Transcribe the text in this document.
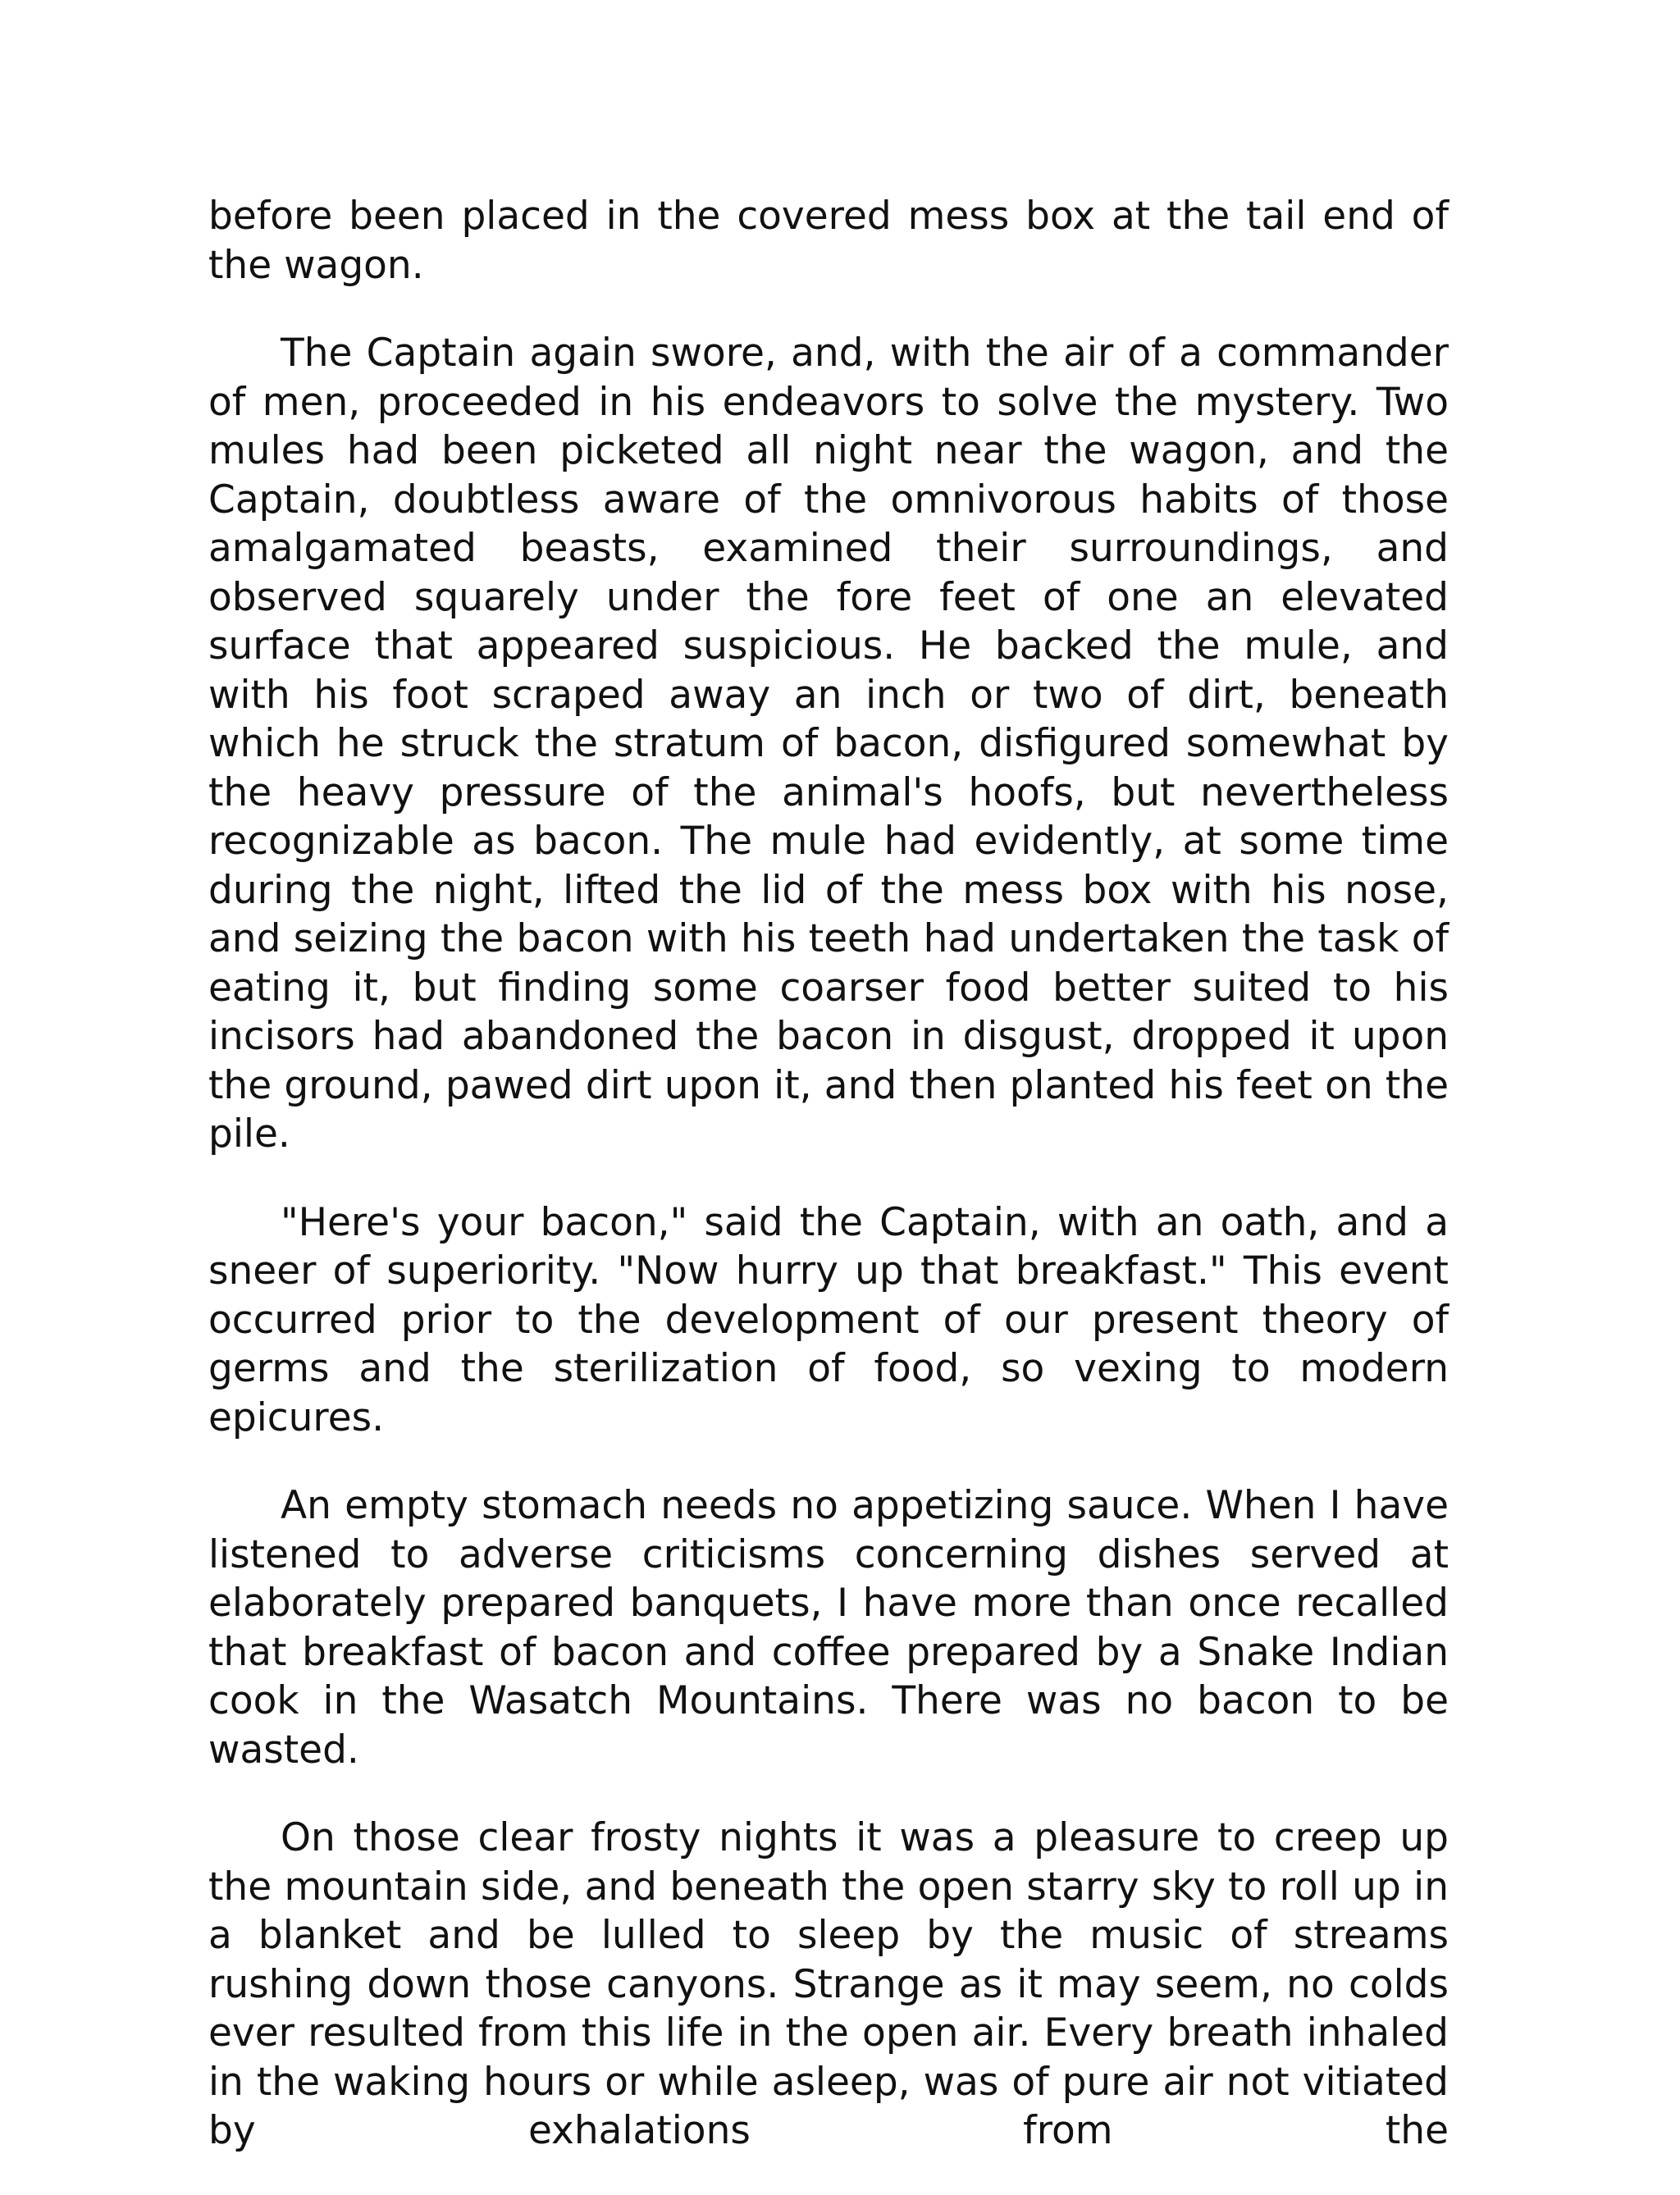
before been placed in the covered mess box at the tail end of the wagon.

The Captain again swore, and, with the air of a commander of men, proceeded in his endeavors to solve the mystery. Two mules had been picketed all night near the wagon, and the Captain, doubtless aware of the omnivorous habits of those amalgamated beasts, examined their surroundings, and observed squarely under the fore feet of one an elevated surface that appeared suspicious. He backed the mule, and with his foot scraped away an inch or two of dirt, beneath which he struck the stratum of bacon, disfigured somewhat by the heavy pressure of the animal's hoofs, but nevertheless recognizable as bacon. The mule had evidently, at some time during the night, lifted the lid of the mess box with his nose, and seizing the bacon with his teeth had undertaken the task of eating it, but finding some coarser food better suited to his incisors had abandoned the bacon in disgust, dropped it upon the ground, pawed dirt upon it, and then planted his feet on the pile.

"Here's your bacon," said the Captain, with an oath, and a sneer of superiority. "Now hurry up that breakfast." This event occurred prior to the development of our present theory of germs and the sterilization of food, so vexing to modern epicures.

An empty stomach needs no appetizing sauce. When I have listened to adverse criticisms concerning dishes served at elaborately prepared banquets, I have more than once recalled that breakfast of bacon and coffee prepared by a Snake Indian cook in the Wasatch Mountains. There was no bacon to be wasted.

On those clear frosty nights it was a pleasure to creep up the mountain side, and beneath the open starry sky to roll up in a blanket and be lulled to sleep by the music of streams rushing down those canyons. Strange as it may seem, no colds ever resulted from this life in the open air. Every breath inhaled in the waking hours or while asleep, was of pure air not vitiated by exhalations from the
